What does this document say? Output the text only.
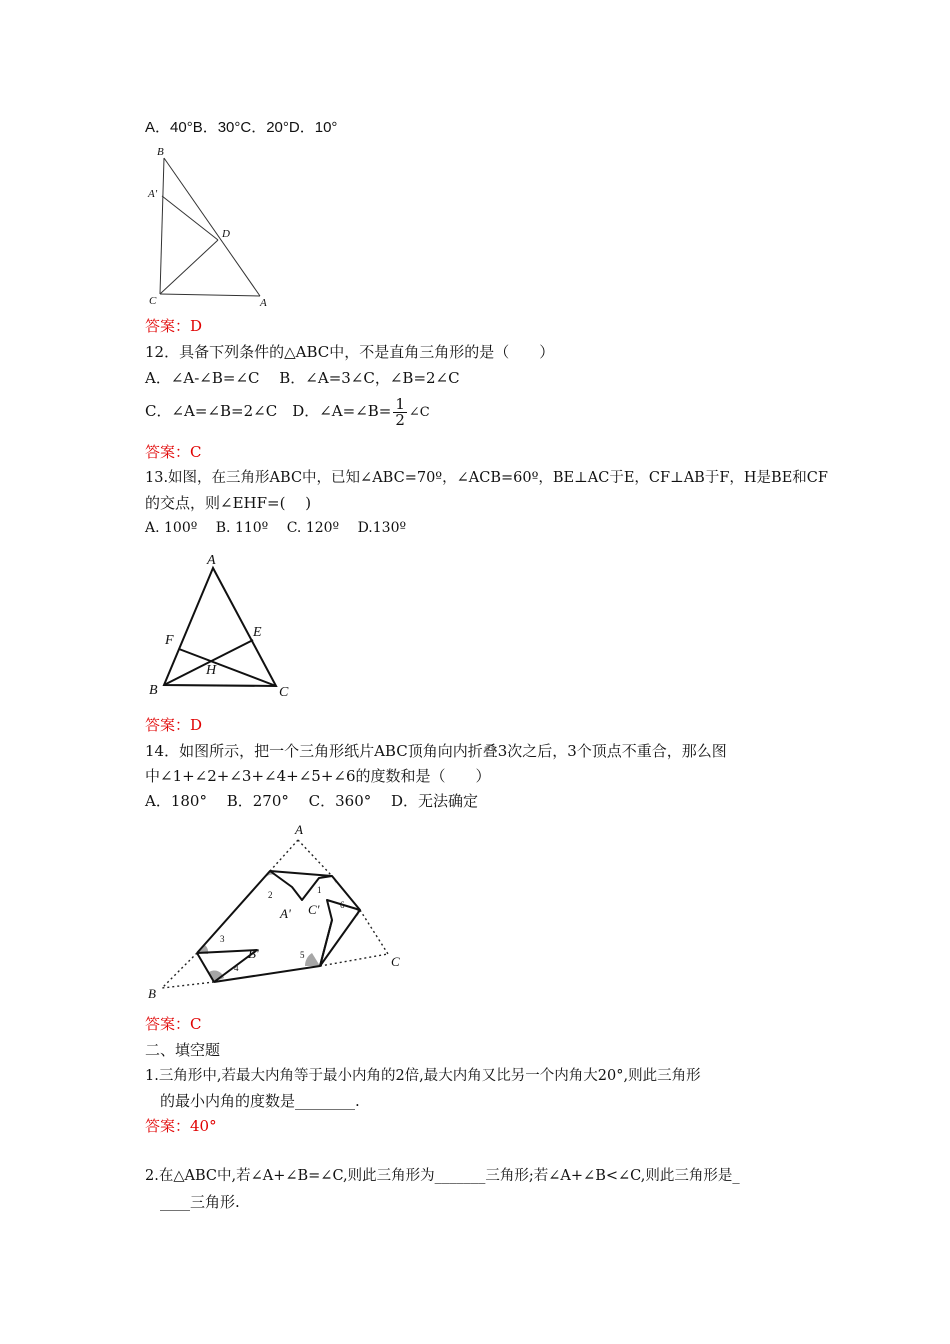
A．40°B．30°C．20°D．10°
B
A'
D
C	A
答案：D
12．具备下列条件的△ABC中，不是直角三角形的是（　　）
A．∠A-∠B=∠C　 B．∠A=3∠C，∠B=2∠C
C．∠A=∠B=2∠C　D．∠A=∠B= $\frac{1}{2}$ ∠C
答案：C
13.如图，在三角形ABC中，已知∠ABC=70º，∠ACB=60º，BE⊥AC于E，CF⊥AB于F，H是BE和CF
的交点，则∠EHF=(　 )
A. 100º　 B. 110º　 C. 120º　 D.130º
A
F
E
H
B	C
答案：D
14．如图所示，把一个三角形纸片ABC顶角向内折叠3次之后，3个顶点不重合，那么图
中∠1+∠2+∠3+∠4+∠5+∠6的度数和是（　　）
A．180°　 B．270°　 C．360°　 D．无法确定
A
B
C
A'
B'
C'
1
2
3
4
5
6
答案：C
二、填空题
1.三角形中,若最大内角等于最小内角的2倍,最大内角又比另一个内角大20°,则此三角形
的最小内角的度数是________.
答案：40°
2.在△ABC中,若∠A+∠B=∠C,则此三角形为_______三角形;若∠A+∠B<∠C,则此三角形是_
____三角形.
